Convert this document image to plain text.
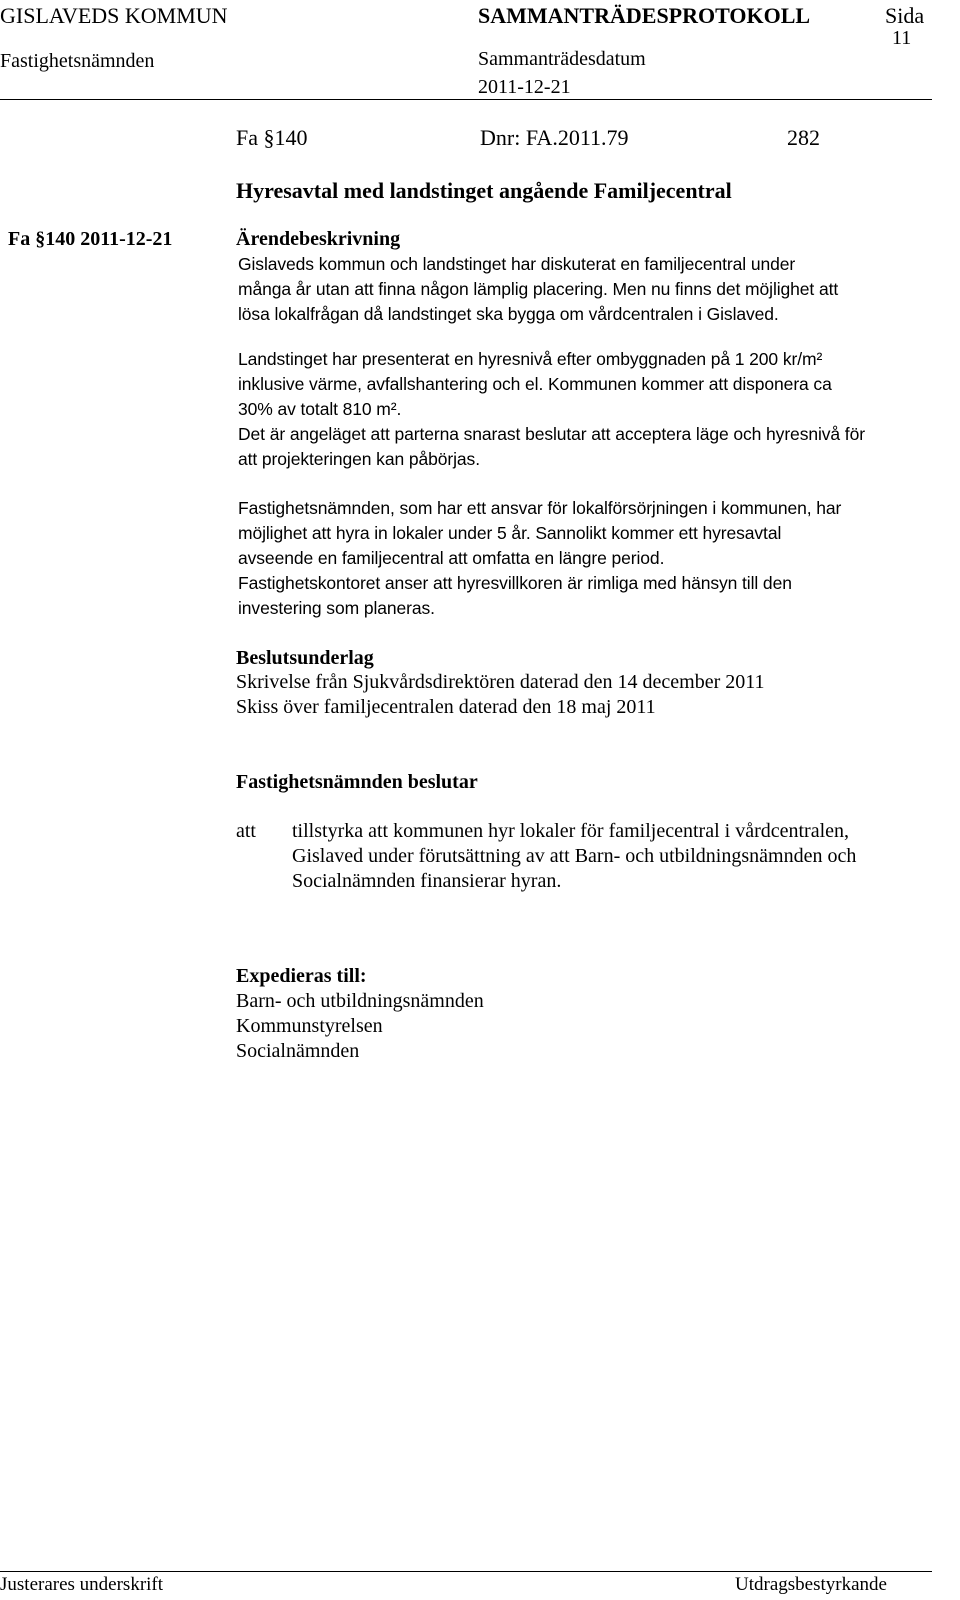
GISLAVEDS KOMMUN	SAMMANTRÄDESPROTOKOLL	Sida
11
Fastighetsnämnden	Sammanträdesdatum
2011-12-21
Fa §140	Dnr: FA.2011.79	282
Hyresavtal med landstinget angående Familjecentral
Fa §140 2011-12-21	Ärendebeskrivning
Gislaveds kommun och landstinget har diskuterat en familjecentral under
många år utan att finna någon lämplig placering. Men nu finns det möjlighet att
lösa lokalfrågan då landstinget ska bygga om vårdcentralen i Gislaved.
Landstinget har presenterat en hyresnivå efter ombyggnaden på 1 200 kr/m²
inklusive värme, avfallshantering och el. Kommunen kommer att disponera ca
30% av totalt 810 m².
Det är angeläget att parterna snarast beslutar att acceptera läge och hyresnivå för
att projekteringen kan påbörjas.
Fastighetsnämnden, som har ett ansvar för lokalförsörjningen i kommunen, har
möjlighet att hyra in lokaler under 5 år. Sannolikt kommer ett hyresavtal
avseende en familjecentral att omfatta en längre period.
Fastighetskontoret anser att hyresvillkoren är rimliga med hänsyn till den
investering som planeras.
Beslutsunderlag
Skrivelse från Sjukvårdsdirektören daterad den 14 december 2011
Skiss över familjecentralen daterad den 18 maj 2011
Fastighetsnämnden beslutar
att tillstyrka att kommunen hyr lokaler för familjecentral i vårdcentralen,
Gislaved under förutsättning av att Barn- och utbildningsnämnden och
Socialnämnden finansierar hyran.
Expedieras till:
Barn- och utbildningsnämnden
Kommunstyrelsen
Socialnämnden
Justerares underskrift	Utdragsbestyrkande
